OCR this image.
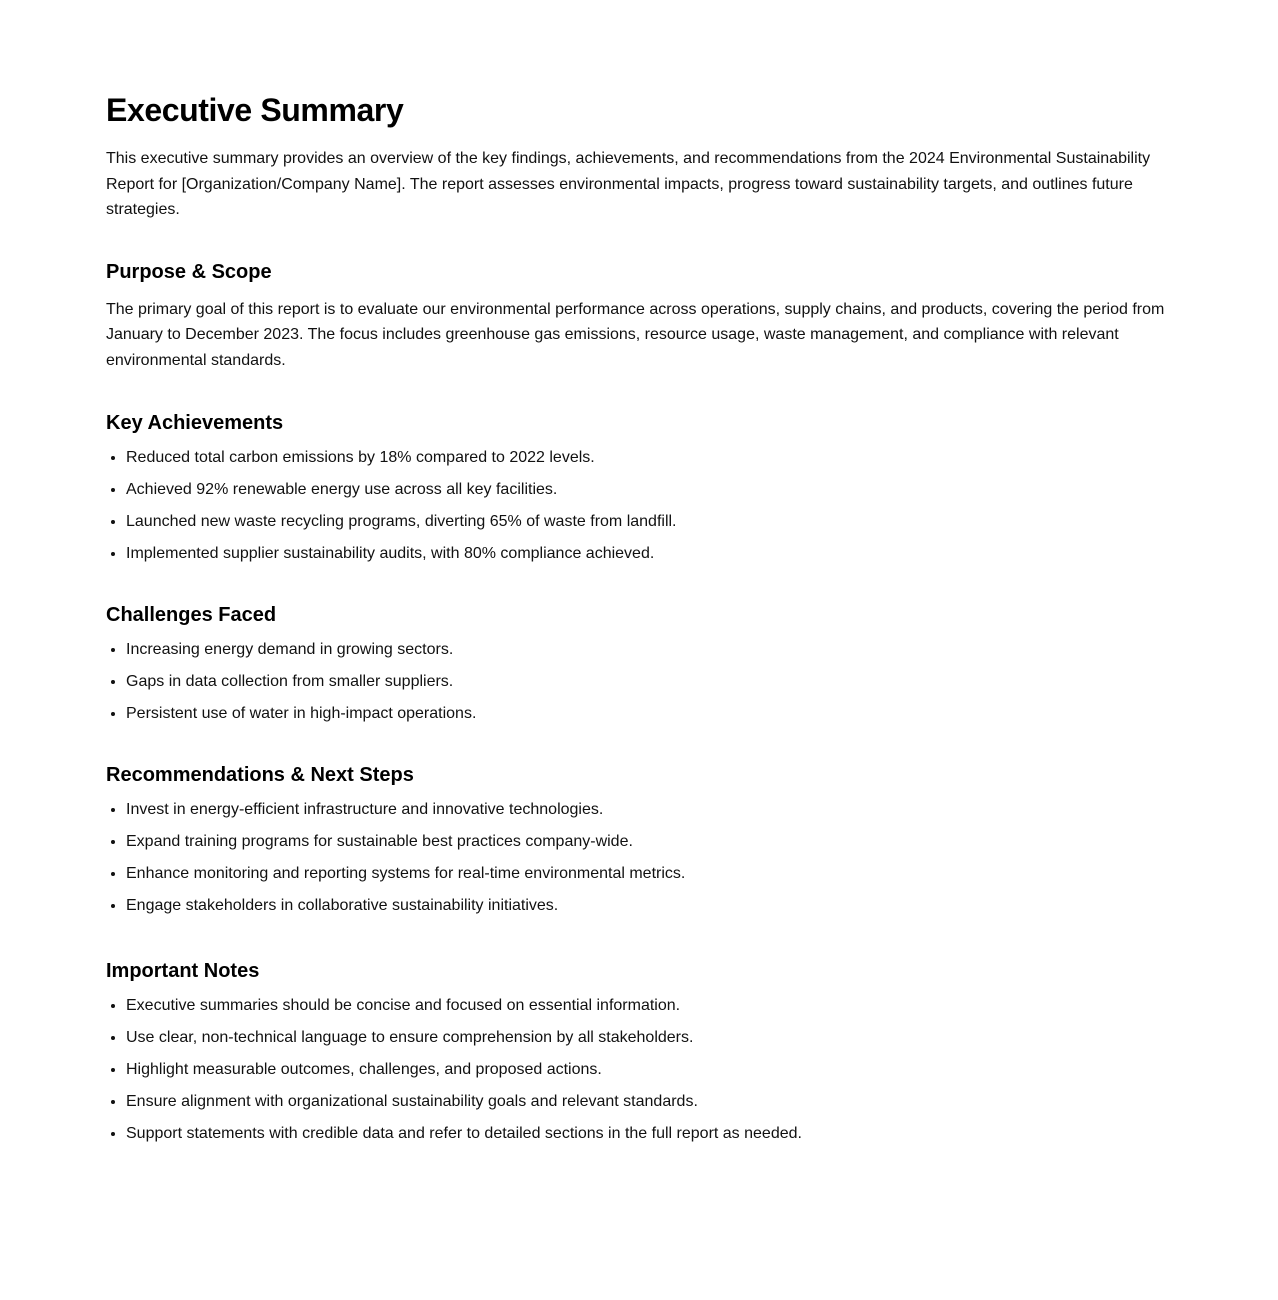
Executive Summary

This executive summary provides an overview of the key findings, achievements, and recommendations from the 2024 Environmental Sustainability Report for [Organization/Company Name]. The report assesses environmental impacts, progress toward sustainability targets, and outlines future strategies.

Purpose & Scope

The primary goal of this report is to evaluate our environmental performance across operations, supply chains, and products, covering the period from January to December 2023. The focus includes greenhouse gas emissions, resource usage, waste management, and compliance with relevant environmental standards.

Key Achievements
• Reduced total carbon emissions by 18% compared to 2022 levels.
• Achieved 92% renewable energy use across all key facilities.
• Launched new waste recycling programs, diverting 65% of waste from landfill.
• Implemented supplier sustainability audits, with 80% compliance achieved.
Challenges Faced
• Increasing energy demand in growing sectors.
• Gaps in data collection from smaller suppliers.
• Persistent use of water in high-impact operations.
Recommendations & Next Steps
• Invest in energy-efficient infrastructure and innovative technologies.
• Expand training programs for sustainable best practices company-wide.
• Enhance monitoring and reporting systems for real-time environmental metrics.
• Engage stakeholders in collaborative sustainability initiatives.
Important Notes
• Executive summaries should be concise and focused on essential information.
• Use clear, non-technical language to ensure comprehension by all stakeholders.
• Highlight measurable outcomes, challenges, and proposed actions.
• Ensure alignment with organizational sustainability goals and relevant standards.
• Support statements with credible data and refer to detailed sections in the full report as needed.
